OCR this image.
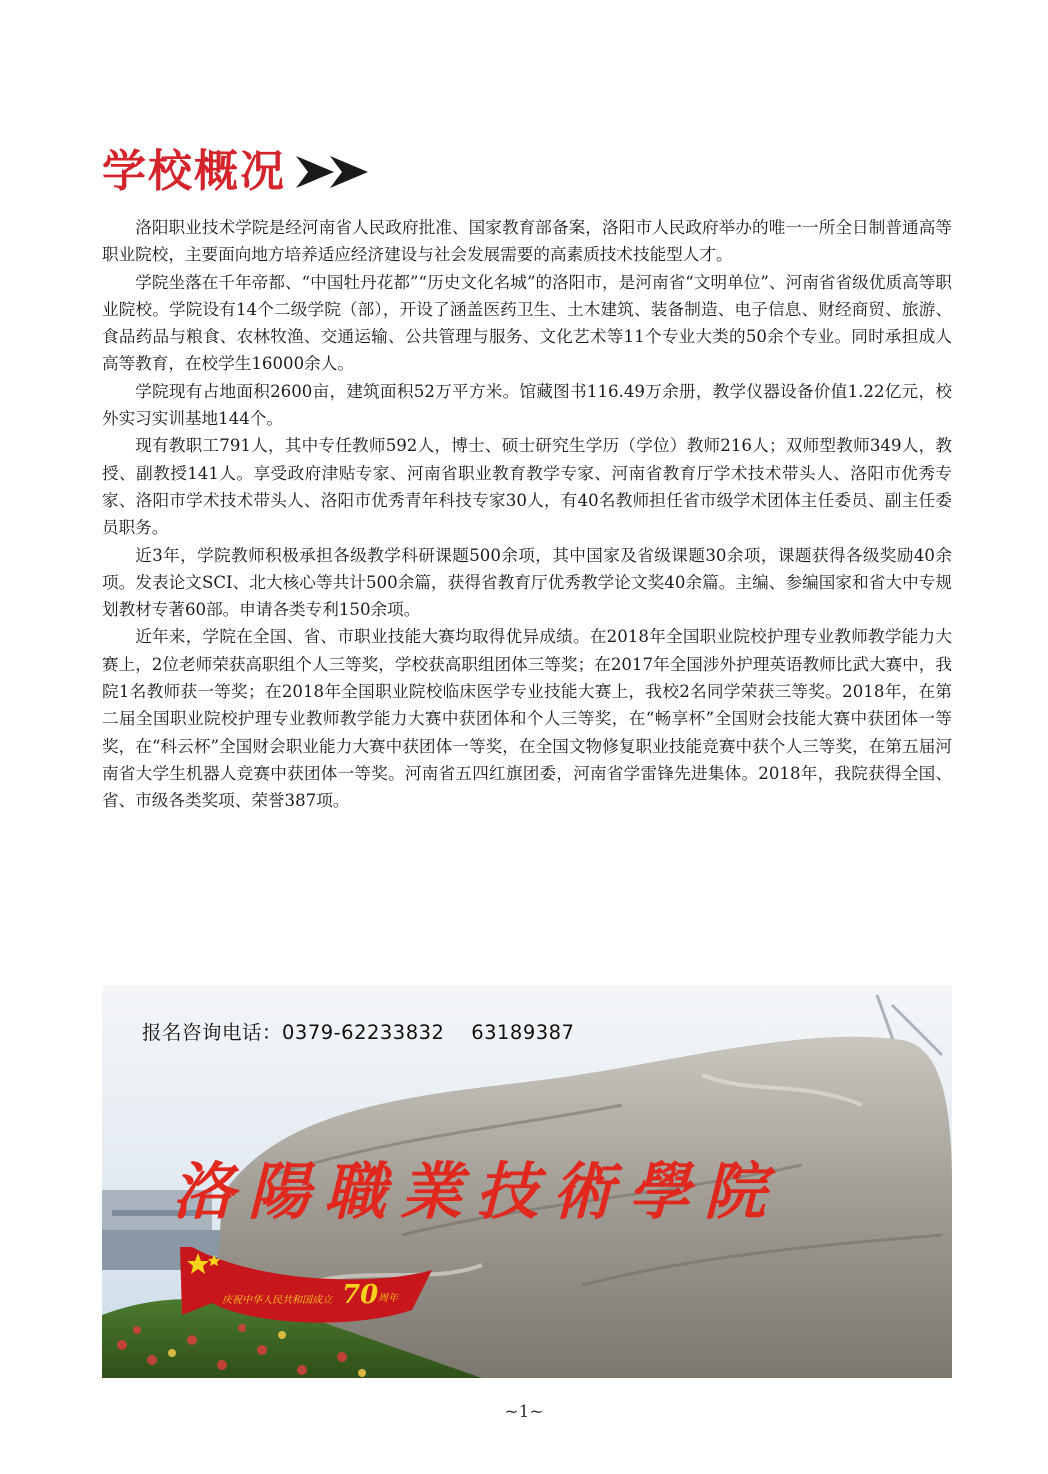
学校概况

洛阳职业技术学院是经河南省人民政府批准、国家教育部备案，洛阳市人民政府举办的唯一一所全日制普通高等职业院校，主要面向地方培养适应经济建设与社会发展需要的高素质技术技能型人才。

学院坐落在千年帝都、“中国牡丹花都”“历史文化名城”的洛阳市，是河南省“文明单位”、河南省省级优质高等职业院校。学院设有14个二级学院（部），开设了涵盖医药卫生、土木建筑、装备制造、电子信息、财经商贸、旅游、食品药品与粮食、农林牧渔、交通运输、公共管理与服务、文化艺术等11个专业大类的50余个专业。同时承担成人高等教育，在校学生16000余人。

学院现有占地面积2600亩，建筑面积52万平方米。馆藏图书116.49万余册，教学仪器设备价值1.22亿元，校外实习实训基地144个。

现有教职工791人，其中专任教师592人，博士、硕士研究生学历（学位）教师216人；双师型教师349人，教授、副教授141人。享受政府津贴专家、河南省职业教育教学专家、河南省教育厅学术技术带头人、洛阳市优秀专家、洛阳市学术技术带头人、洛阳市优秀青年科技专家30人，有40名教师担任省市级学术团体主任委员、副主任委员职务。

近3年，学院教师积极承担各级教学科研课题500余项，其中国家及省级课题30余项，课题获得各级奖励40余项。发表论文SCI、北大核心等共计500余篇，获得省教育厅优秀教学论文奖40余篇。主编、参编国家和省大中专规划教材专著60部。申请各类专利150余项。

近年来，学院在全国、省、市职业技能大赛均取得优异成绩。在2018年全国职业院校护理专业教师教学能力大赛上，2位老师荣获高职组个人三等奖，学校获高职组团体三等奖；在2017年全国涉外护理英语教师比武大赛中，我院1名教师获一等奖；在2018年全国职业院校临床医学专业技能大赛上，我校2名同学荣获三等奖。2018年，在第二届全国职业院校护理专业教师教学能力大赛中获团体和个人三等奖，在“畅享杯”全国财会技能大赛中获团体一等奖，在“科云杯”全国财会职业能力大赛中获团体一等奖，在全国文物修复职业技能竞赛中获个人三等奖，在第五届河南省大学生机器人竞赛中获团体一等奖。河南省五四红旗团委，河南省学雷锋先进集体。2018年，我院获得全国、省、市级各类奖项、荣誉387项。

洛陽職業技術學院
庆祝中华人民共和国成立 70 周年
报名咨询电话：0379-62233832    63189387
~1~
